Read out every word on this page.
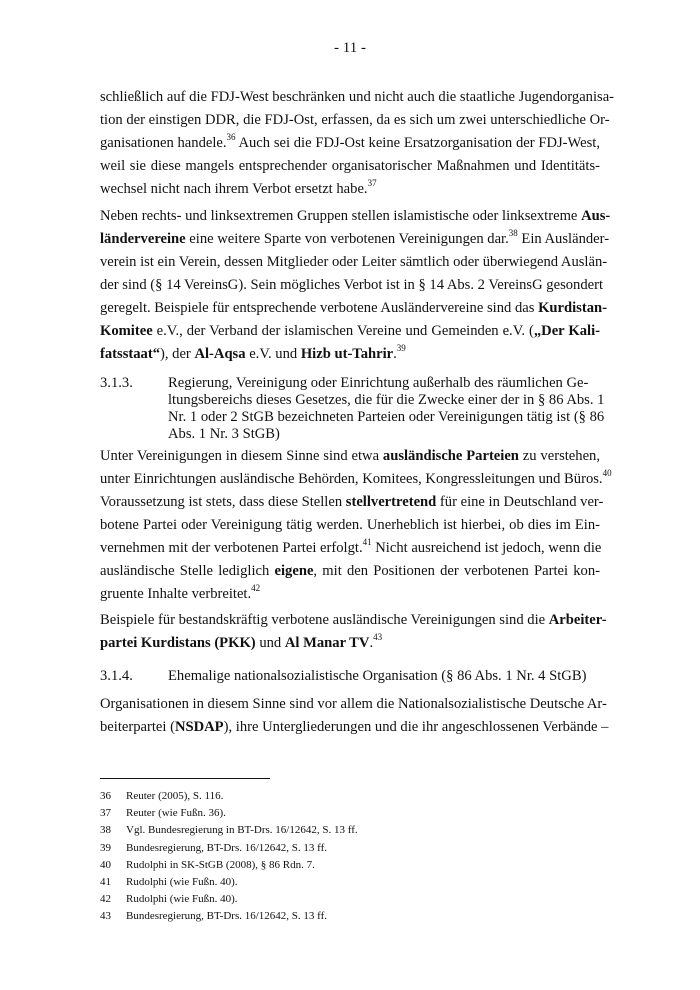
- 11 -
schließlich auf die FDJ-West beschränken und nicht auch die staatliche Jugendorganisa-
tion der einstigen DDR, die FDJ-Ost, erfassen, da es sich um zwei unterschiedliche Or-
ganisationen handele.$^{36}$ Auch sei die FDJ-Ost keine Ersatzorganisation der FDJ-West,
weil sie diese mangels entsprechender organisatorischer Maßnahmen und Identitäts-
wechsel nicht nach ihrem Verbot ersetzt habe.$^{37}$
Neben rechts- und linksextremen Gruppen stellen islamistische oder linksextreme Aus-
ländervereine eine weitere Sparte von verbotenen Vereinigungen dar.$^{38}$ Ein Ausländer-
verein ist ein Verein, dessen Mitglieder oder Leiter sämtlich oder überwiegend Auslän-
der sind (§ 14 VereinsG). Sein mögliches Verbot ist in § 14 Abs. 2 VereinsG gesondert
geregelt. Beispiele für entsprechende verbotene Ausländervereine sind das Kurdistan-
Komitee e.V., der Verband der islamischen Vereine und Gemeinden e.V. („Der Kali-
fatsstaat“), der Al-Aqsa e.V. und Hizb ut-Tahrir.$^{39}$
3.1.3. Regierung, Vereinigung oder Einrichtung außerhalb des räumlichen Ge-
ltungsbereichs dieses Gesetzes, die für die Zwecke einer der in § 86 Abs. 1
Nr. 1 oder 2 StGB bezeichneten Parteien oder Vereinigungen tätig ist (§ 86
Abs. 1 Nr. 3 StGB)
Unter Vereinigungen in diesem Sinne sind etwa ausländische Parteien zu verstehen,
unter Einrichtungen ausländische Behörden, Komitees, Kongressleitungen und Büros.$^{40}$
Voraussetzung ist stets, dass diese Stellen stellvertretend für eine in Deutschland ver-
botene Partei oder Vereinigung tätig werden. Unerheblich ist hierbei, ob dies im Ein-
vernehmen mit der verbotenen Partei erfolgt.$^{41}$ Nicht ausreichend ist jedoch, wenn die
ausländische Stelle lediglich eigene, mit den Positionen der verbotenen Partei kon-
gruente Inhalte verbreitet.$^{42}$
Beispiele für bestandskräftig verbotene ausländische Vereinigungen sind die Arbeiter-
partei Kurdistans (PKK) und Al Manar TV.$^{43}$
3.1.4. Ehemalige nationalsozialistische Organisation (§ 86 Abs. 1 Nr. 4 StGB)
Organisationen in diesem Sinne sind vor allem die Nationalsozialistische Deutsche Ar-
beiterpartei (NSDAP), ihre Untergliederungen und die ihr angeschlossenen Verbände –
36 Reuter (2005), S. 116.
37 Reuter (wie Fußn. 36).
38 Vgl. Bundesregierung in BT-Drs. 16/12642, S. 13 ff.
39 Bundesregierung, BT-Drs. 16/12642, S. 13 ff.
40 Rudolphi in SK-StGB (2008), § 86 Rdn. 7.
41 Rudolphi (wie Fußn. 40).
42 Rudolphi (wie Fußn. 40).
43 Bundesregierung, BT-Drs. 16/12642, S. 13 ff.
